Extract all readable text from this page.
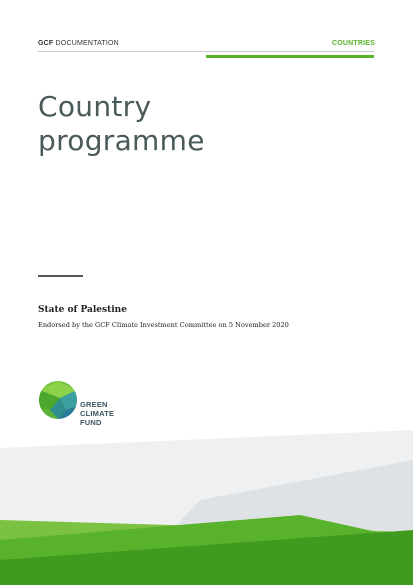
GCF DOCUMENTATION	COUNTRIES
Country
programme
State of Palestine
Endorsed by the GCF Climate Investment Committee on 5 November 2020
GREEN
CLIMATE
FUND
